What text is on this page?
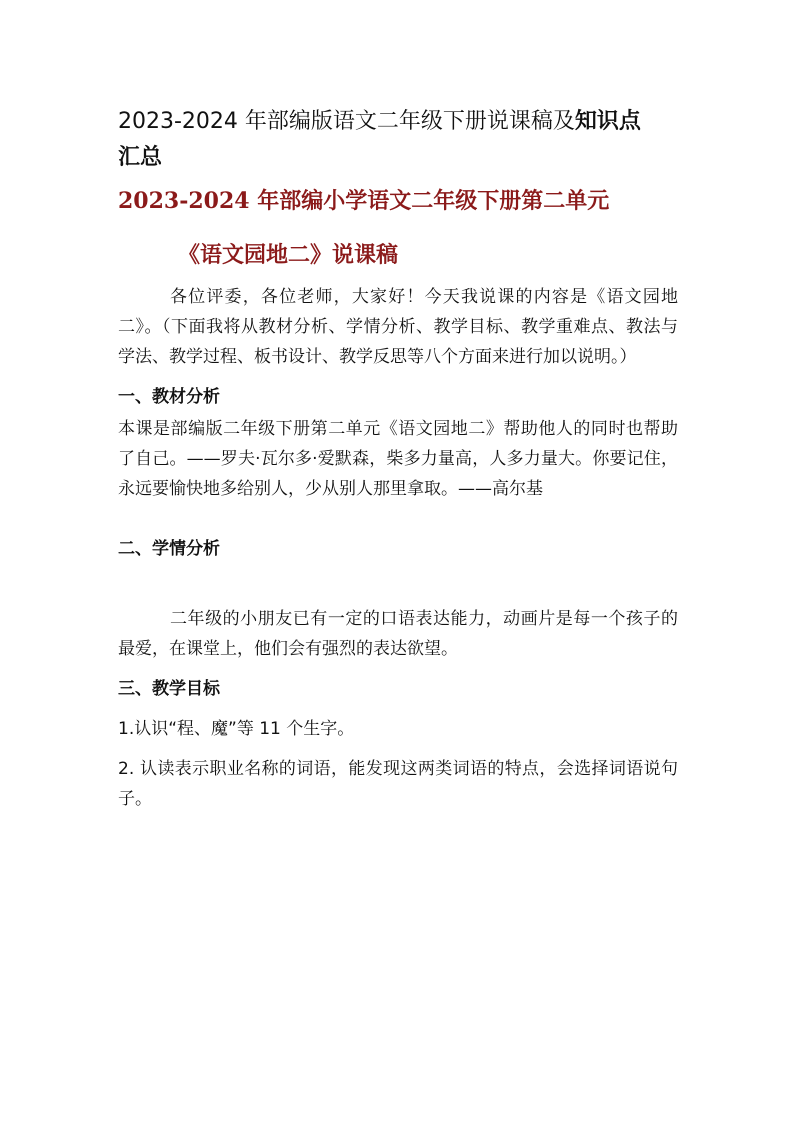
2023-2024 年部编版语文二年级下册说课稿及知识点
汇总

2023-2024 年部编小学语文二年级下册第二单元

《语文园地二》说课稿

各位评委，各位老师，大家好！今天我说课的内容是《语文园地二》。（下面我将从教材分析、学情分析、教学目标、教学重难点、教法与学法、教学过程、板书设计、教学反思等八个方面来进行加以说明。）

一、教材分析

本课是部编版二年级下册第二单元《语文园地二》帮助他人的同时也帮助了自己。——罗夫·瓦尔多·爱默森，柴多力量高，人多力量大。你要记住，永远要愉快地多给别人，少从别人那里拿取。——高尔基

二、学情分析

二年级的小朋友已有一定的口语表达能力，动画片是每一个孩子的最爱，在课堂上，他们会有强烈的表达欲望。

三、教学目标

1.认识“程、魔”等 11 个生字。

2. 认读表示职业名称的词语，能发现这两类词语的特点，会选择词语说句子。
